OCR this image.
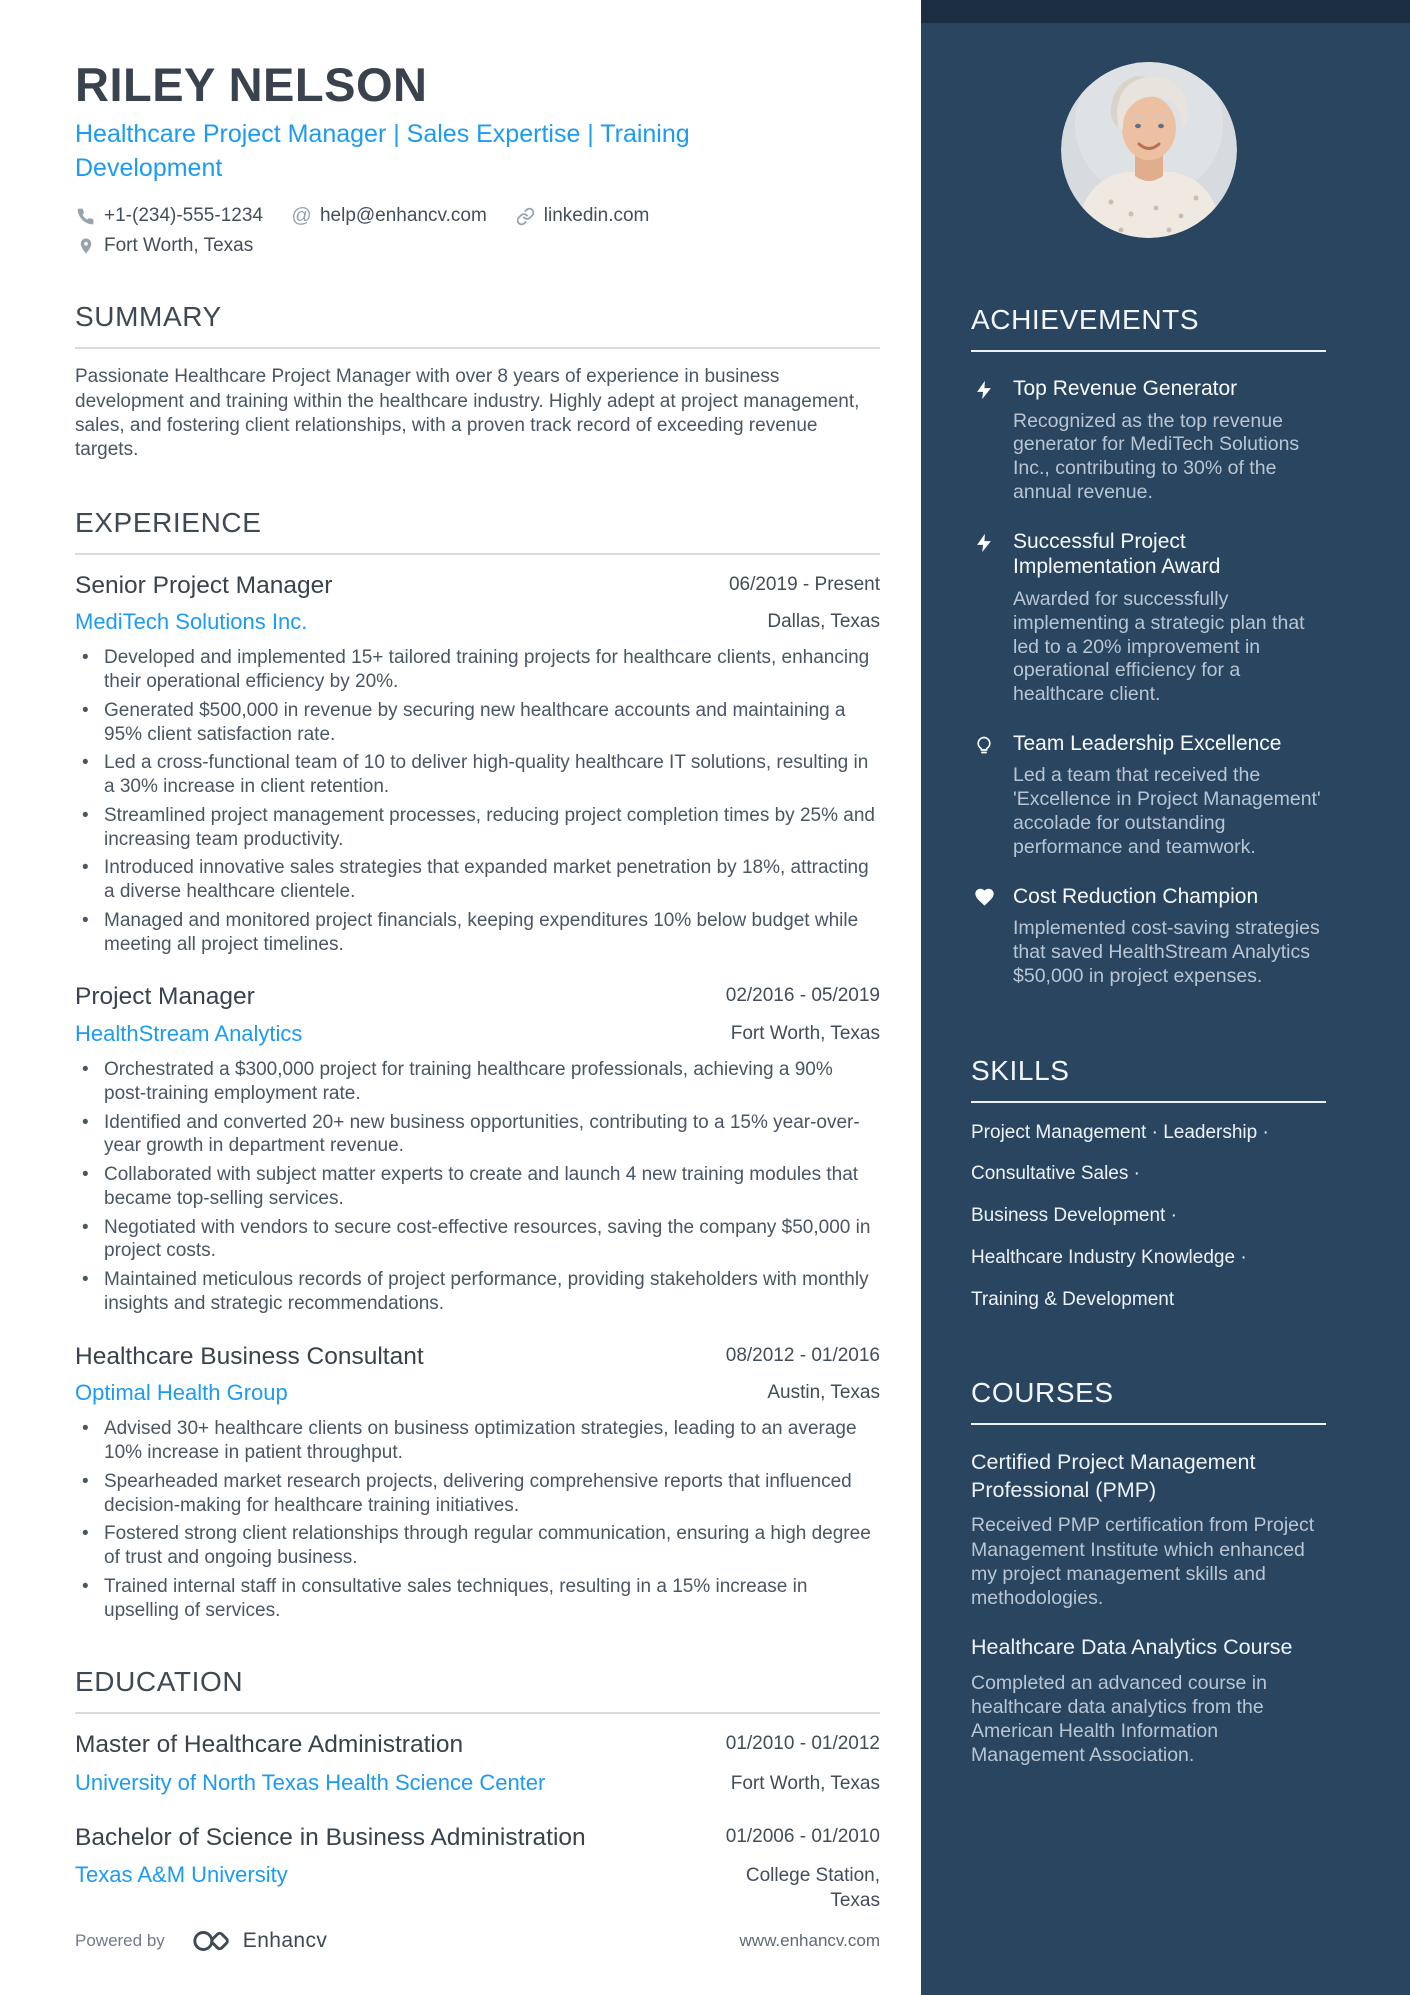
ACHIEVEMENTS
Top Revenue Generator

Recognized as the top revenue generator for MediTech Solutions Inc., contributing to 30% of the annual revenue.

Successful Project Implementation Award

Awarded for successfully implementing a strategic plan that led to a 20% improvement in operational efficiency for a healthcare client.

Team Leadership Excellence

Led a team that received the 'Excellence in Project Management' accolade for outstanding performance and teamwork.

Cost Reduction Champion

Implemented cost-saving strategies that saved HealthStream Analytics $50,000 in project expenses.

SKILLS
Project Management · Leadership ·
Consultative Sales ·
Business Development ·
Healthcare Industry Knowledge ·
Training & Development
COURSES
Certified Project Management Professional (PMP)

Received PMP certification from Project Management Institute which enhanced my project management skills and methodologies.

Healthcare Data Analytics Course

Completed an advanced course in healthcare data analytics from the American Health Information Management Association.

RILEY NELSON

Healthcare Project Manager | Sales Expertise | Training Development

+1-(234)-555-1234 @ help@enhancv.com	linkedin.com
Fort Worth, Texas
SUMMARY

Passionate Healthcare Project Manager with over 8 years of experience in business development and training within the healthcare industry. Highly adept at project management, sales, and fostering client relationships, with a proven track record of exceeding revenue targets.

EXPERIENCE
Senior Project Manager	06/2019 - Present
MediTech Solutions Inc.	Dallas, Texas
• Developed and implemented 15+ tailored training projects for healthcare clients, enhancing their operational efficiency by 20%.
• Generated $500,000 in revenue by securing new healthcare accounts and maintaining a 95% client satisfaction rate.
• Led a cross-functional team of 10 to deliver high-quality healthcare IT solutions, resulting in a 30% increase in client retention.
• Streamlined project management processes, reducing project completion times by 25% and increasing team productivity.
• Introduced innovative sales strategies that expanded market penetration by 18%, attracting a diverse healthcare clientele.
• Managed and monitored project financials, keeping expenditures 10% below budget while meeting all project timelines.
Project Manager	02/2016 - 05/2019
HealthStream Analytics	Fort Worth, Texas
• Orchestrated a $300,000 project for training healthcare professionals, achieving a 90% post-training employment rate.
• Identified and converted 20+ new business opportunities, contributing to a 15% year-over-year growth in department revenue.
• Collaborated with subject matter experts to create and launch 4 new training modules that became top-selling services.
• Negotiated with vendors to secure cost-effective resources, saving the company $50,000 in project costs.
• Maintained meticulous records of project performance, providing stakeholders with monthly insights and strategic recommendations.
Healthcare Business Consultant	08/2012 - 01/2016
Optimal Health Group	Austin, Texas
• Advised 30+ healthcare clients on business optimization strategies, leading to an average 10% increase in patient throughput.
• Spearheaded market research projects, delivering comprehensive reports that influenced decision-making for healthcare training initiatives.
• Fostered strong client relationships through regular communication, ensuring a high degree of trust and ongoing business.
• Trained internal staff in consultative sales techniques, resulting in a 15% increase in upselling of services.
EDUCATION
Master of Healthcare Administration	01/2010 - 01/2012
University of North Texas Health Science Center	Fort Worth, Texas
Bachelor of Science in Business Administration	01/2006 - 01/2010
Texas A&M University	College Station, Texas
Powered by	Enhancv	www.enhancv.com
